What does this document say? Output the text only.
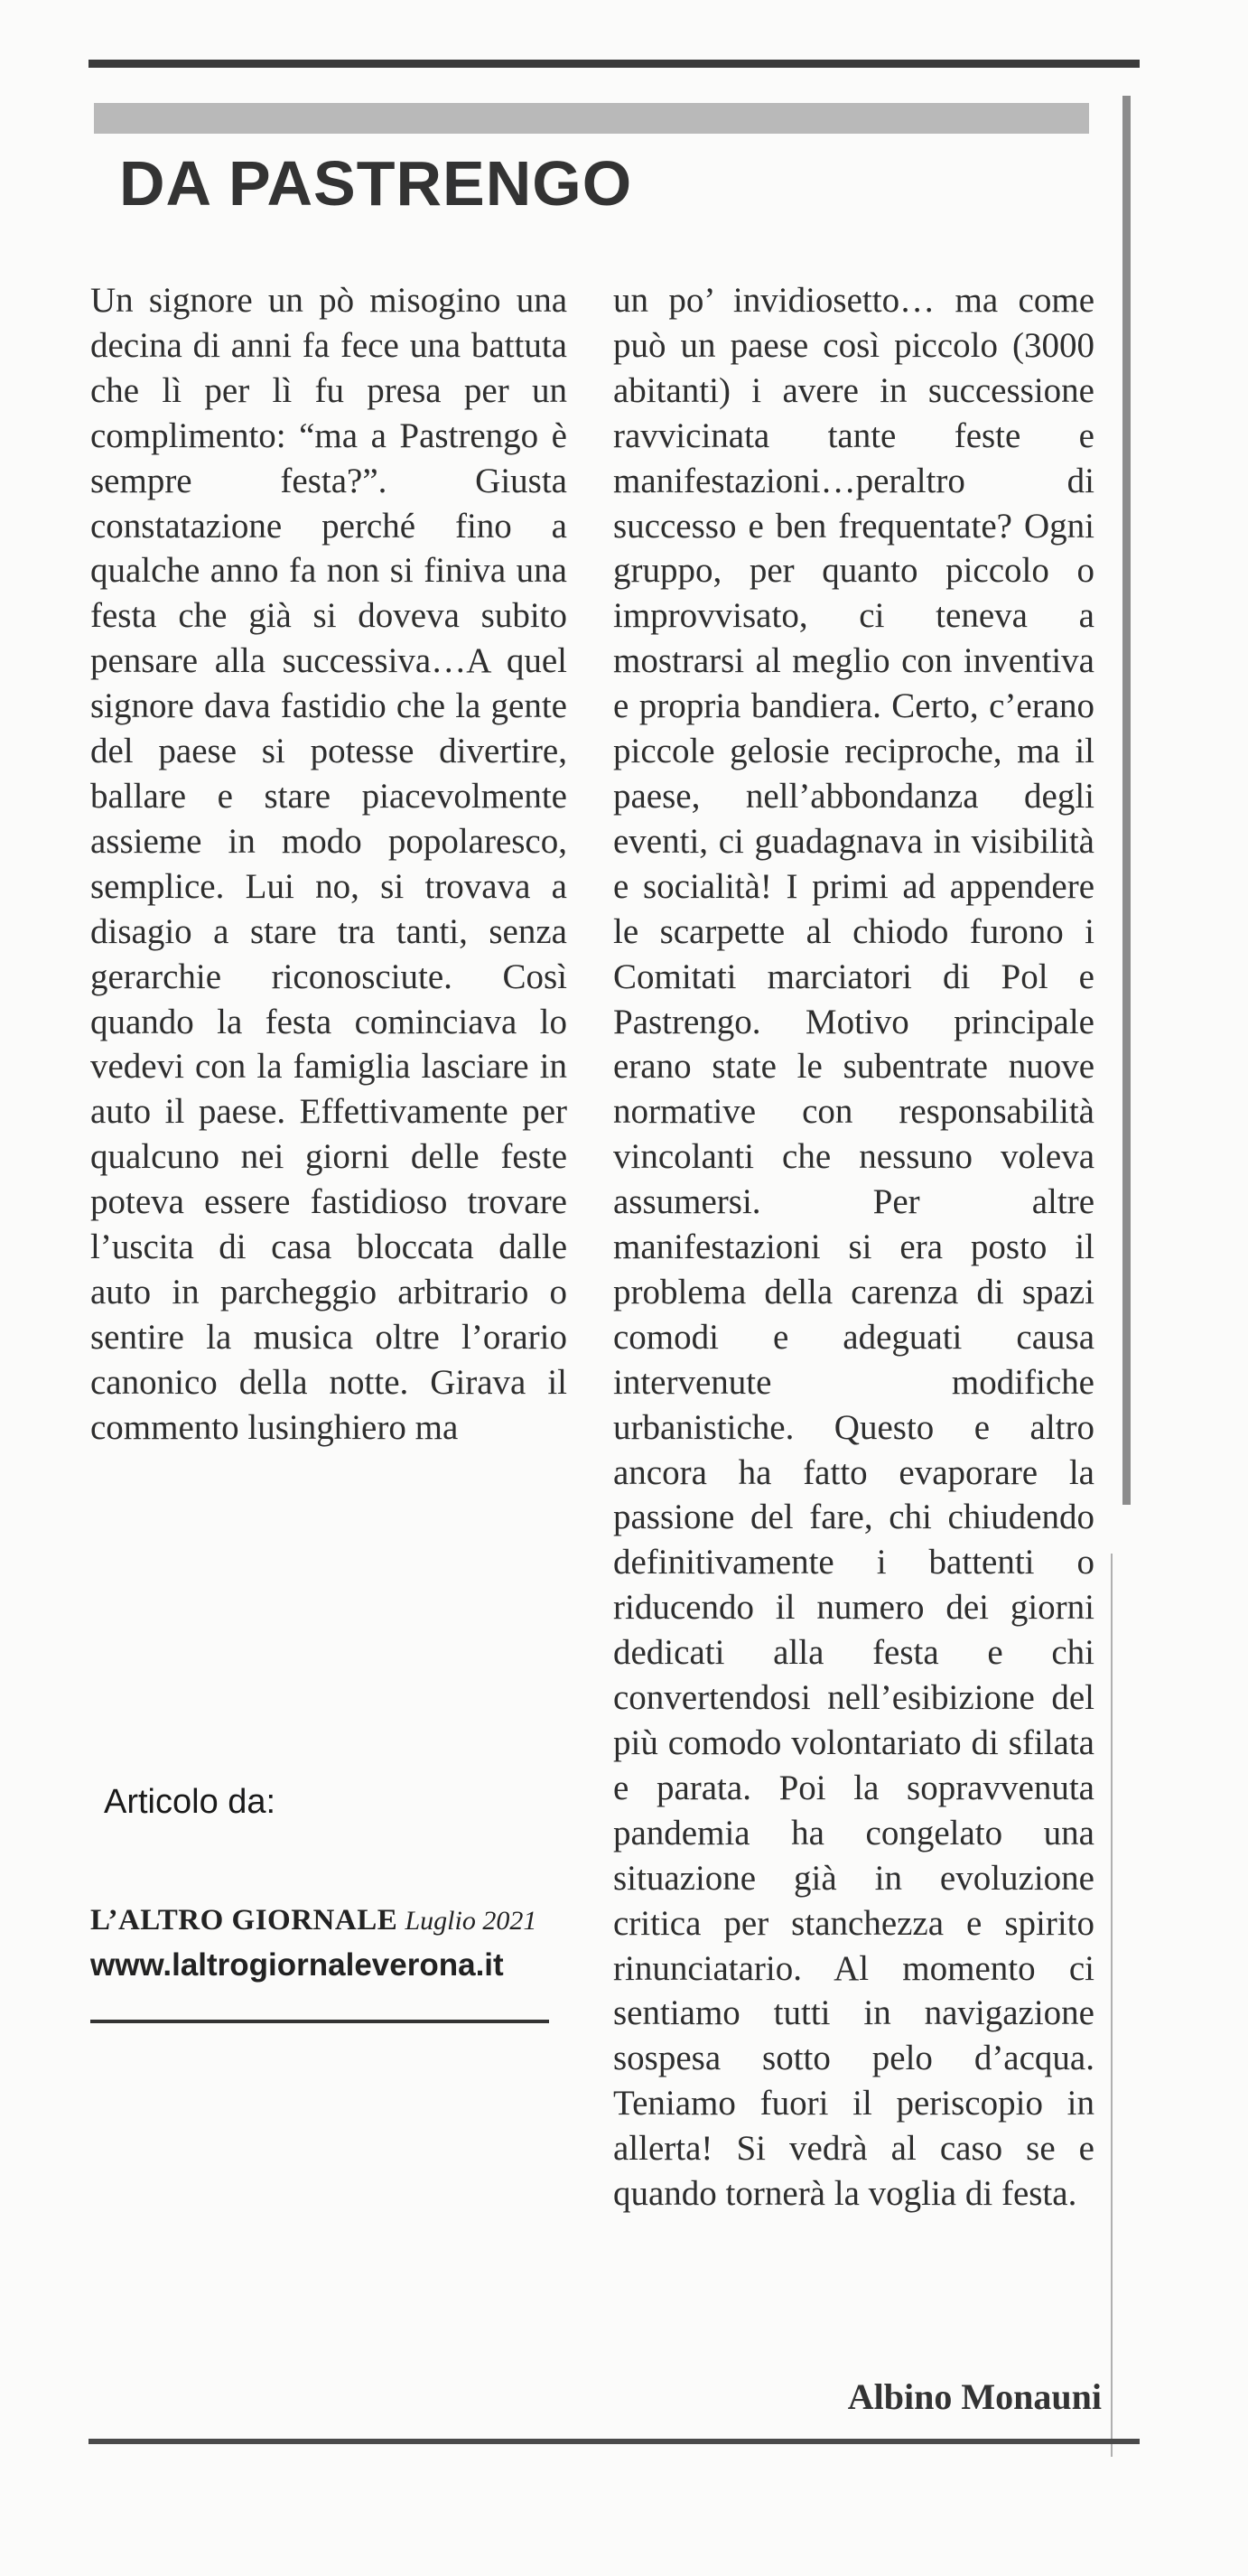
DA PASTRENGO

Un signore un pò misogino una decina di anni fa fece una battuta che lì per lì fu presa per un complimento: “ma a Pastrengo è sempre festa?”. Giusta constatazione perché fino a qualche anno fa non si finiva una festa che già si doveva subito pensare alla successiva…A quel signore dava fastidio che la gente del paese si potesse divertire, ballare e stare piacevolmente assieme in modo popolaresco, semplice. Lui no, si trovava a disagio a stare tra tanti, senza gerarchie riconosciute. Così quando la festa cominciava lo vedevi con la famiglia lasciare in auto il paese. Effettivamente per qualcuno nei giorni delle feste poteva essere fastidioso trovare l’uscita di casa bloccata dalle auto in parcheggio arbitrario o sentire la musica oltre l’orario canonico della notte. Girava il commento lusinghiero ma

un po’ invidiosetto… ma come può un paese così piccolo (3000 abitanti) i avere in successione ravvicinata tante feste e manifestazioni…peraltro di successo e ben frequentate? Ogni gruppo, per quanto piccolo o improvvisato, ci teneva a mostrarsi al meglio con inventiva e propria bandiera. Certo, c’erano piccole gelosie reciproche, ma il paese, nell’abbondanza degli eventi, ci guadagnava in visibilità e socialità! I primi ad appendere le scarpette al chiodo furono i Comitati marciatori di Pol e Pastrengo. Motivo principale erano state le subentrate nuove normative con responsabilità vincolanti che nessuno voleva assumersi. Per altre manifestazioni si era posto il problema della carenza di spazi comodi e adeguati causa intervenute modifiche urbanistiche. Questo e altro ancora ha fatto evaporare la passione del fare, chi chiudendo definitivamente i battenti o riducendo il numero dei giorni dedicati alla festa e chi convertendosi nell’esibizione del più comodo volontariato di sfilata e parata. Poi la sopravvenuta pandemia ha congelato una situazione già in evoluzione critica per stanchezza e spirito rinunciatario. Al momento ci sentiamo tutti in navigazione sospesa sotto pelo d’acqua. Teniamo fuori il periscopio in allerta! Si vedrà al caso se e quando tornerà la voglia di festa.

Albino Monauni
Articolo da:
L’ALTRO GIORNALE Luglio 2021
www.laltrogiornaleverona.it
